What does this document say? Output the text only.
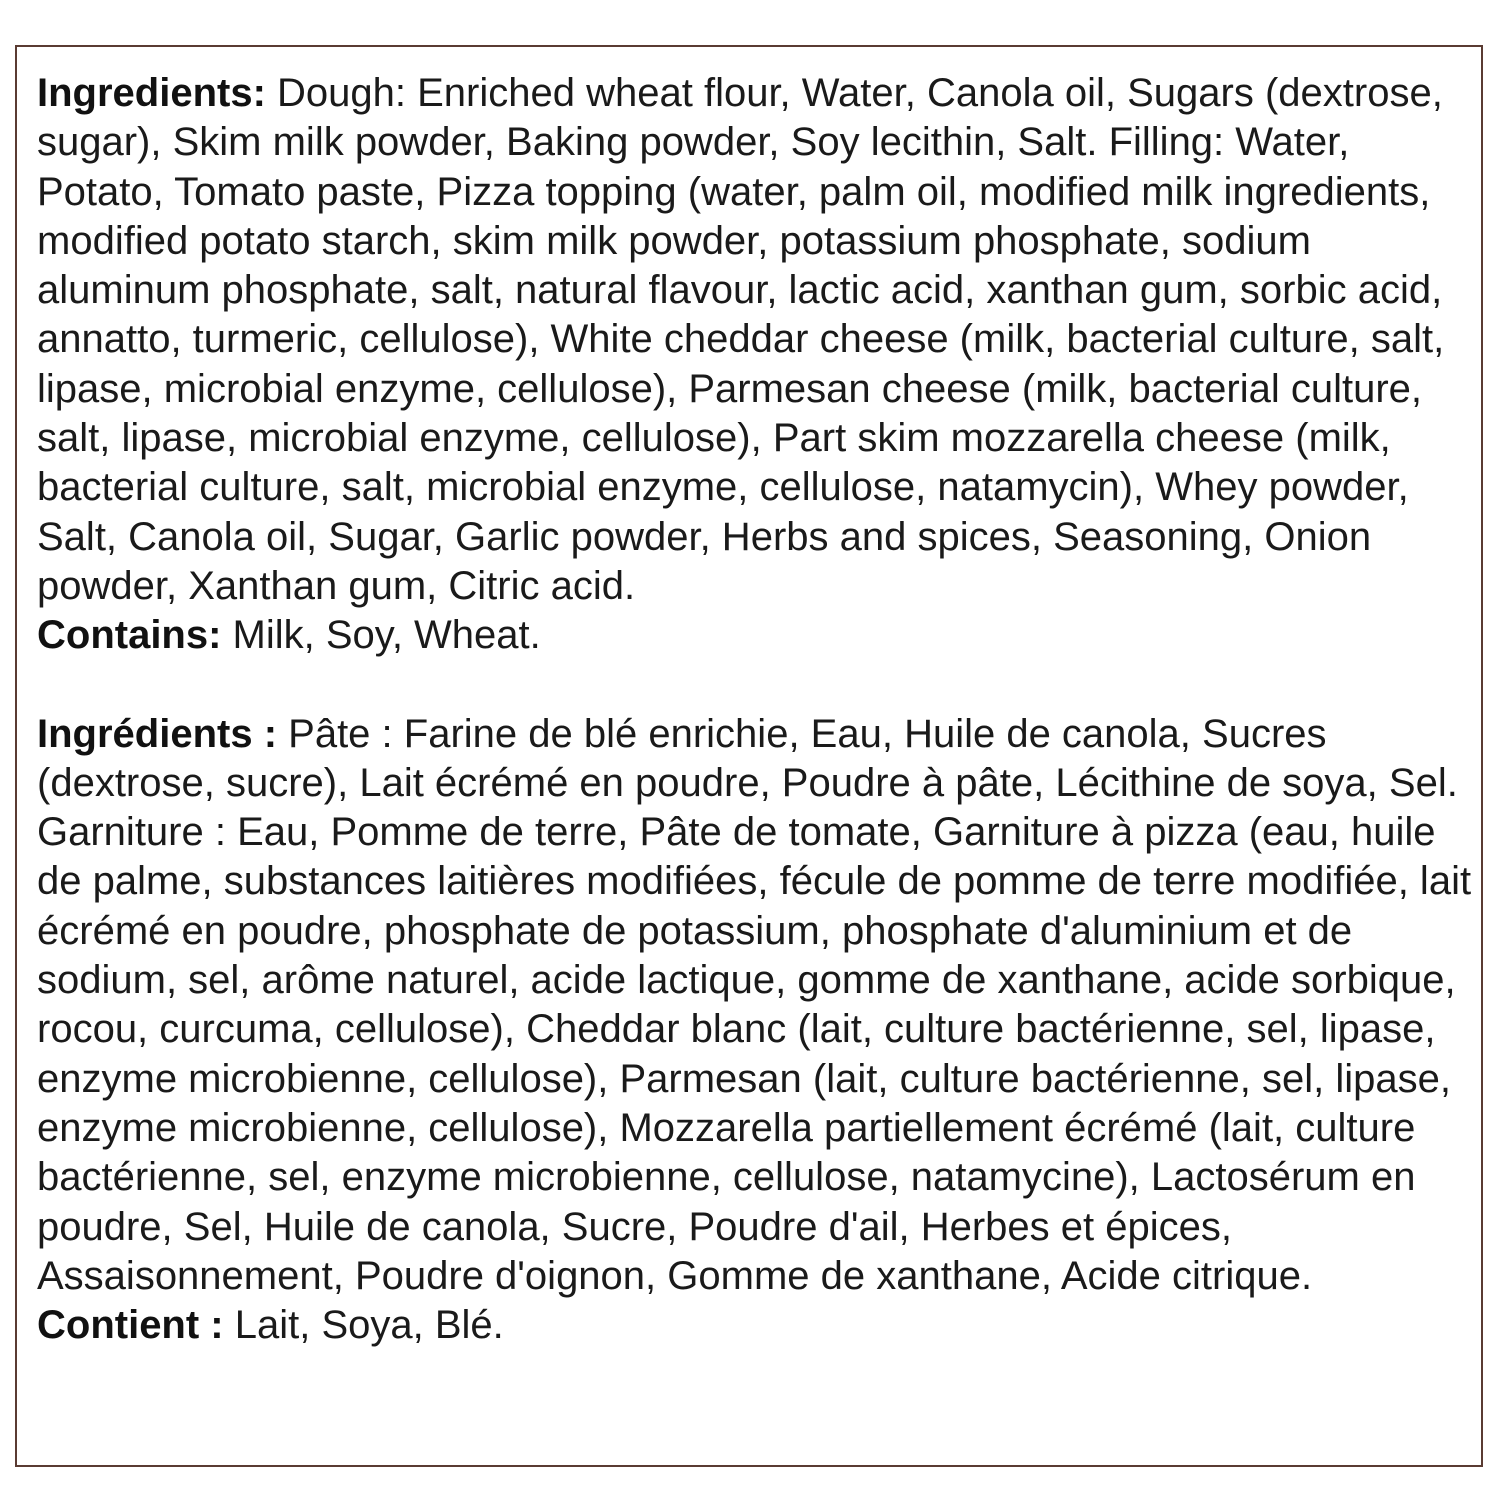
Ingredients: Dough: Enriched wheat flour, Water, Canola oil, Sugars (dextrose, sugar), Skim milk powder, Baking powder, Soy lecithin, Salt. Filling: Water, Potato, Tomato paste, Pizza topping (water, palm oil, modified milk ingredients, modified potato starch, skim milk powder, potassium phosphate, sodium aluminum phosphate, salt, natural flavour, lactic acid, xanthan gum, sorbic acid, annatto, turmeric, cellulose), White cheddar cheese (milk, bacterial culture, salt, lipase, microbial enzyme, cellulose), Parmesan cheese (milk, bacterial culture, salt, lipase, microbial enzyme, cellulose), Part skim mozzarella cheese (milk, bacterial culture, salt, microbial enzyme, cellulose, natamycin), Whey powder, Salt, Canola oil, Sugar, Garlic powder, Herbs and spices, Seasoning, Onion powder, Xanthan gum, Citric acid.

Contains: Milk, Soy, Wheat.

Ingrédients : Pâte : Farine de blé enrichie, Eau, Huile de canola, Sucres (dextrose, sucre), Lait écrémé en poudre, Poudre à pâte, Lécithine de soya, Sel. Garniture : Eau, Pomme de terre, Pâte de tomate, Garniture à pizza (eau, huile de palme, substances laitières modifiées, fécule de pomme de terre modifiée, lait écrémé en poudre, phosphate de potassium, phosphate d'aluminium et de sodium, sel, arôme naturel, acide lactique, gomme de xanthane, acide sorbique, rocou, curcuma, cellulose), Cheddar blanc (lait, culture bactérienne, sel, lipase, enzyme microbienne, cellulose), Parmesan (lait, culture bactérienne, sel, lipase, enzyme microbienne, cellulose), Mozzarella partiellement écrémé (lait, culture bactérienne, sel, enzyme microbienne, cellulose, natamycine), Lactosérum en poudre, Sel, Huile de canola, Sucre, Poudre d'ail, Herbes et épices, Assaisonnement, Poudre d'oignon, Gomme de xanthane, Acide citrique. Contient : Lait, Soya, Blé.
